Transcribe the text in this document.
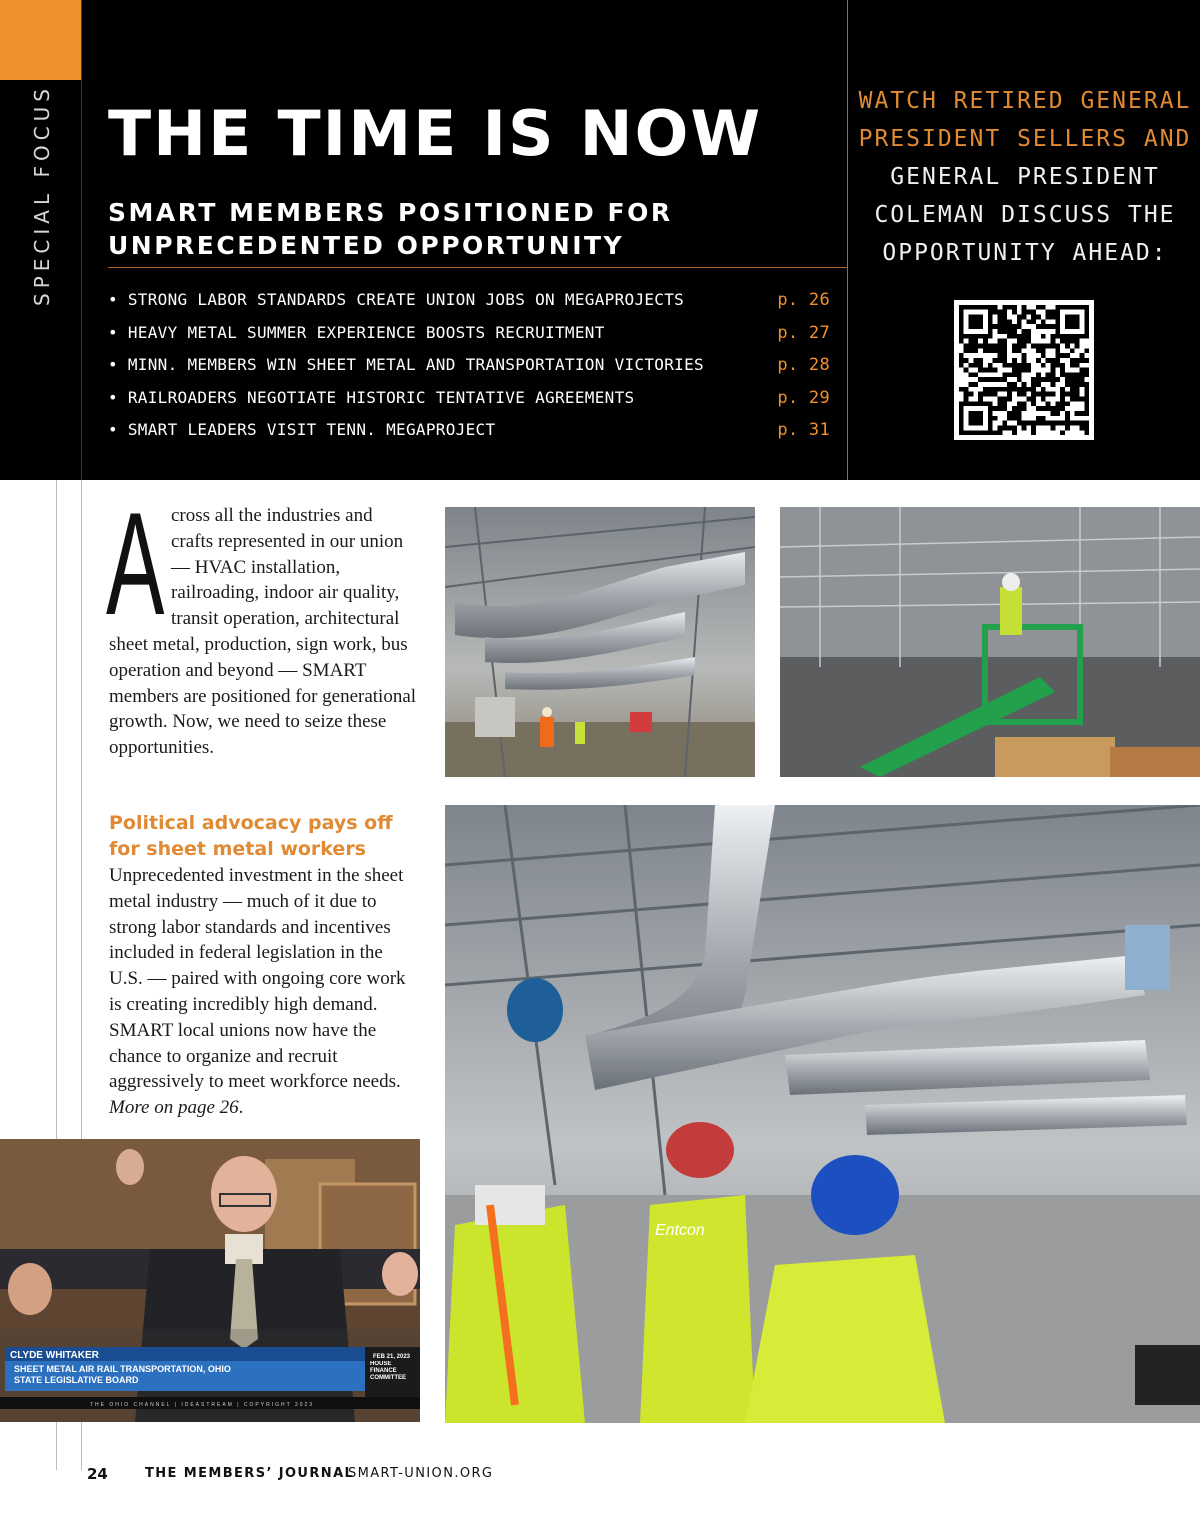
SPECIAL FOCUS THE TIME IS NOW
SMART MEMBERS POSITIONED FOR UNPRECEDENTED OPPORTUNITY
• STRONG LABOR STANDARDS CREATE UNION JOBS ON MEGAPROJECTS	p. 26
• HEAVY METAL SUMMER EXPERIENCE BOOSTS RECRUITMENT	p. 27
• MINN. MEMBERS WIN SHEET METAL AND TRANSPORTATION VICTORIES	p. 28
• RAILROADERS NEGOTIATE HISTORIC TENTATIVE AGREEMENTS	p. 29
• SMART LEADERS VISIT TENN. MEGAPROJECT	p. 31
WATCH RETIRED GENERAL PRESIDENT SELLERS AND GENERAL PRESIDENT COLEMAN DISCUSS THE OPPORTUNITY AHEAD:
A cross all the industries and crafts represented in our union — HVAC installation, railroading, indoor air quality, transit operation, architectural sheet metal, production, sign work, bus operation and beyond — SMART members are positioned for generational growth. Now, we need to seize these opportunities.

Political advocacy pays off for sheet metal workers

Unprecedented investment in the sheet metal industry — much of it due to strong labor standards and incentives included in federal legislation in the U.S. — paired with ongoing core work is creating incredibly high demand. SMART local unions now have the chance to organize and recruit aggressively to meet workforce needs. More on page 26.

Entcon
CLYDE WHITAKER
SHEET METAL AIR RAIL TRANSPORTATION, OHIO
STATE LEGISLATIVE BOARD
FEB 21, 2023
HOUSE FINANCE COMMITTEE
THE OHIO CHANNEL | IDEASTREAM | COPYRIGHT 2023
24	THE MEMBERS’ JOURNAL
SMART-UNION.ORG
